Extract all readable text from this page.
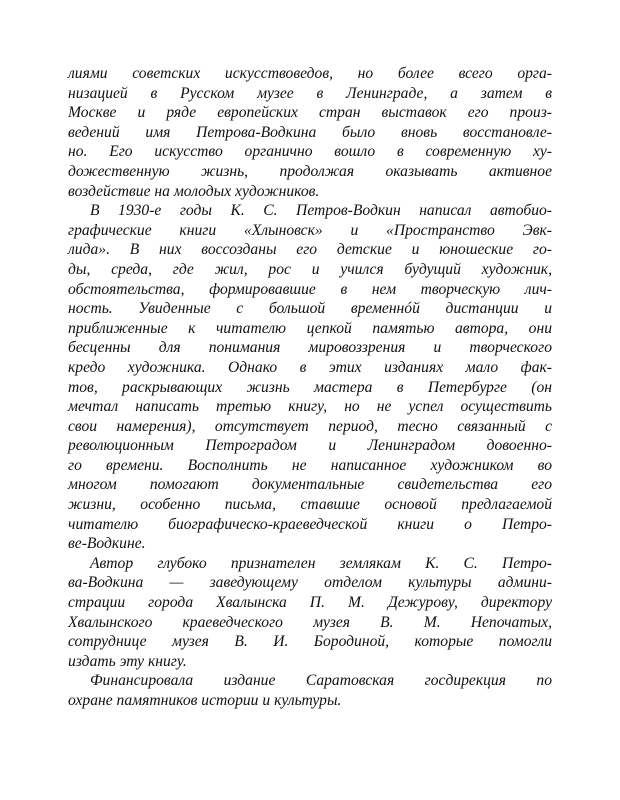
лиями советских искусствоведов, но более всего орга-
низацией в Русском музее в Ленинграде, а затем в
Москве и ряде европейских стран выставок его произ-
ведений имя Петрова-Водкина было вновь восстановле-
но. Его искусство органично вошло в современную ху-
дожественную жизнь, продолжая оказывать активное
воздействие на молодых художников.
В 1930-е годы К. С. Петров-Водкин написал автобио-
графические книги «Хлыновск» и «Пространство Эвк-
лида». В них воссозданы его детские и юношеские го-
ды, среда, где жил, рос и учился будущий художник,
обстоятельства, формировавшие в нем творческую лич-
ность. Увиденные с большой временнóй дистанции и
приближенные к читателю цепкой памятью автора, они
бесценны для понимания мировоззрения и творческого
кредо художника. Однако в этих изданиях мало фак-
тов, раскрывающих жизнь мастера в Петербурге (он
мечтал написать третью книгу, но не успел осуществить
свои намерения), отсутствует период, тесно связанный с
революционным Петроградом и Ленинградом довоенно-
го времени. Восполнить не написанное художником во
многом помогают документальные свидетельства его
жизни, особенно письма, ставшие основой предлагаемой
читателю биографическо-краеведческой книги о Петро-
ве-Водкине.
Автор глубоко признателен землякам К. С. Петро-
ва-Водкина — заведующему отделом культуры админи-
страции города Хвалынска П. М. Дежурову, директору
Хвалынского краеведческого музея В. М. Непочатых,
сотруднице музея В. И. Бородиной, которые помогли
издать эту книгу.
Финансировала издание Саратовская госдирекция по
охране памятников истории и культуры.
